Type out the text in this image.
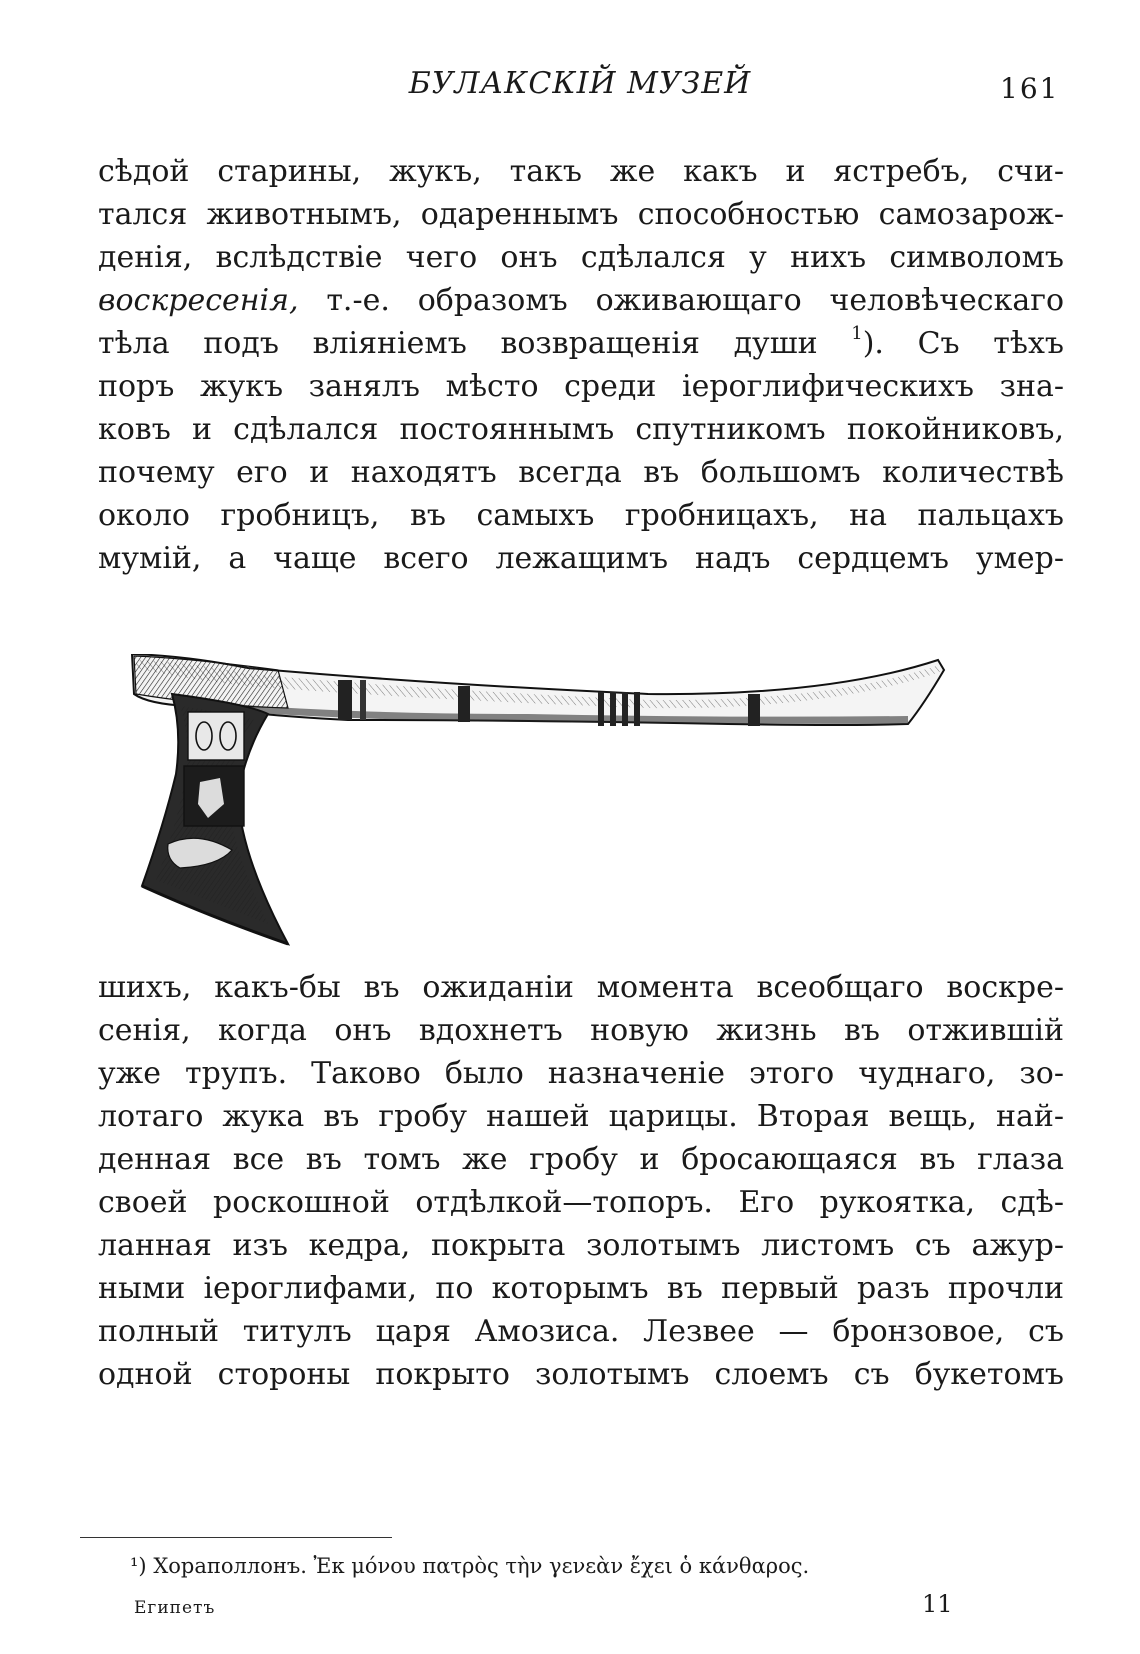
БУЛАКСКІЙ МУЗЕЙ	161
сѣдой старины, жукъ, такъ же какъ и ястребъ, счи-
тался животнымъ, одареннымъ способностью самозарож-
денія, вслѣдствіе чего онъ сдѣлался у нихъ символомъ
воскресенія, т.-е. образомъ оживающаго человѣческаго
тѣла подъ вліяніемъ возвращенія души $^1$). Съ тѣхъ
поръ жукъ занялъ мѣсто среди іероглифическихъ зна-
ковъ и сдѣлался постояннымъ спутникомъ покойниковъ,
почему его и находятъ всегда въ большомъ количествѣ
около гробницъ, въ самыхъ гробницахъ, на пальцахъ
мумій, а чаще всего лежащимъ надъ сердцемъ умер-
шихъ, какъ-бы въ ожиданіи момента всеобщаго воскре-
сенія, когда онъ вдохнетъ новую жизнь въ отжившій
уже трупъ. Таково было назначеніе этого чуднаго, зо-
лотаго жука въ гробу нашей царицы. Вторая вещь, най-
денная все въ томъ же гробу и бросающаяся въ глаза
своей роскошной отдѣлкой—топоръ. Его рукоятка, сдѣ-
ланная изъ кедра, покрыта золотымъ листомъ съ ажур-
ными іероглифами, по которымъ въ первый разъ прочли
полный титулъ царя Амозиса. Лезвее — бронзовое, съ
одной стороны покрыто золотымъ слоемъ съ букетомъ
¹) Хораполлонъ. Ἐκ μόνου πατρὸς τὴν γενεὰν ἔχει ὁ κάνθαρος.
Египетъ	11
